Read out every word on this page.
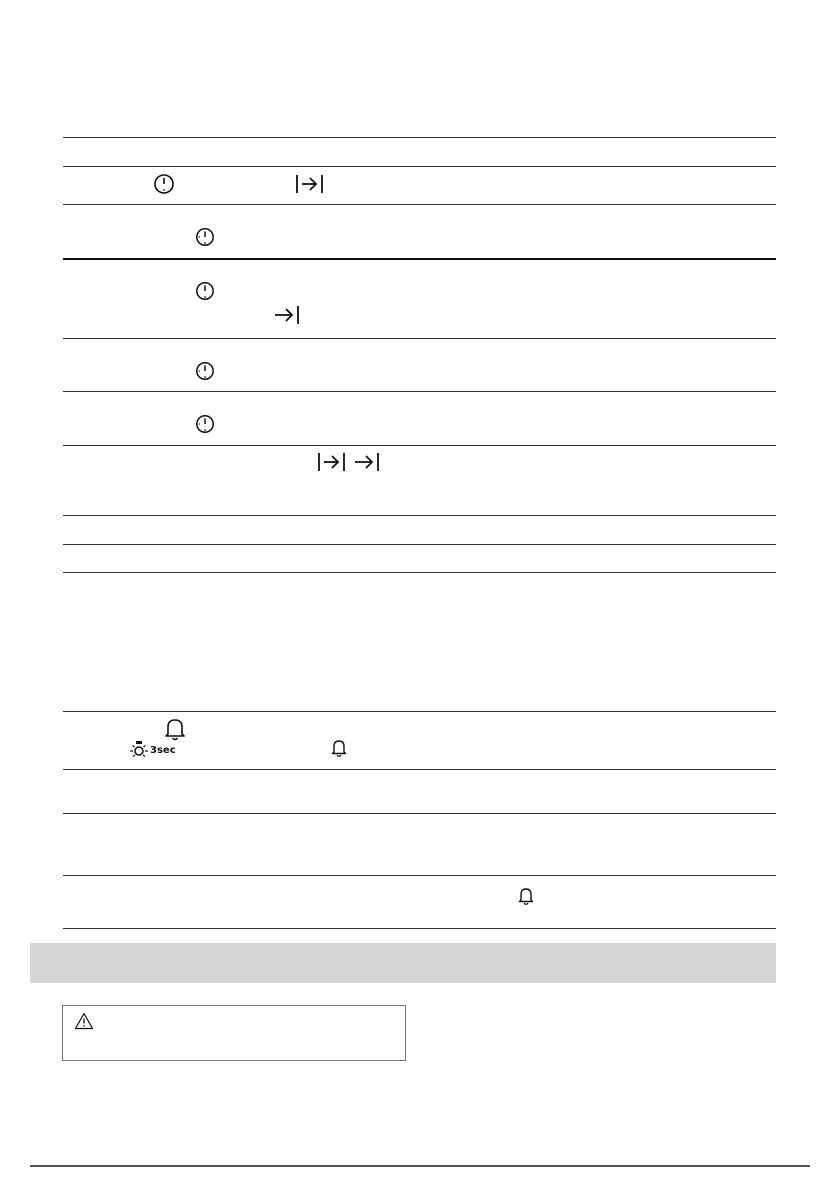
3sec
